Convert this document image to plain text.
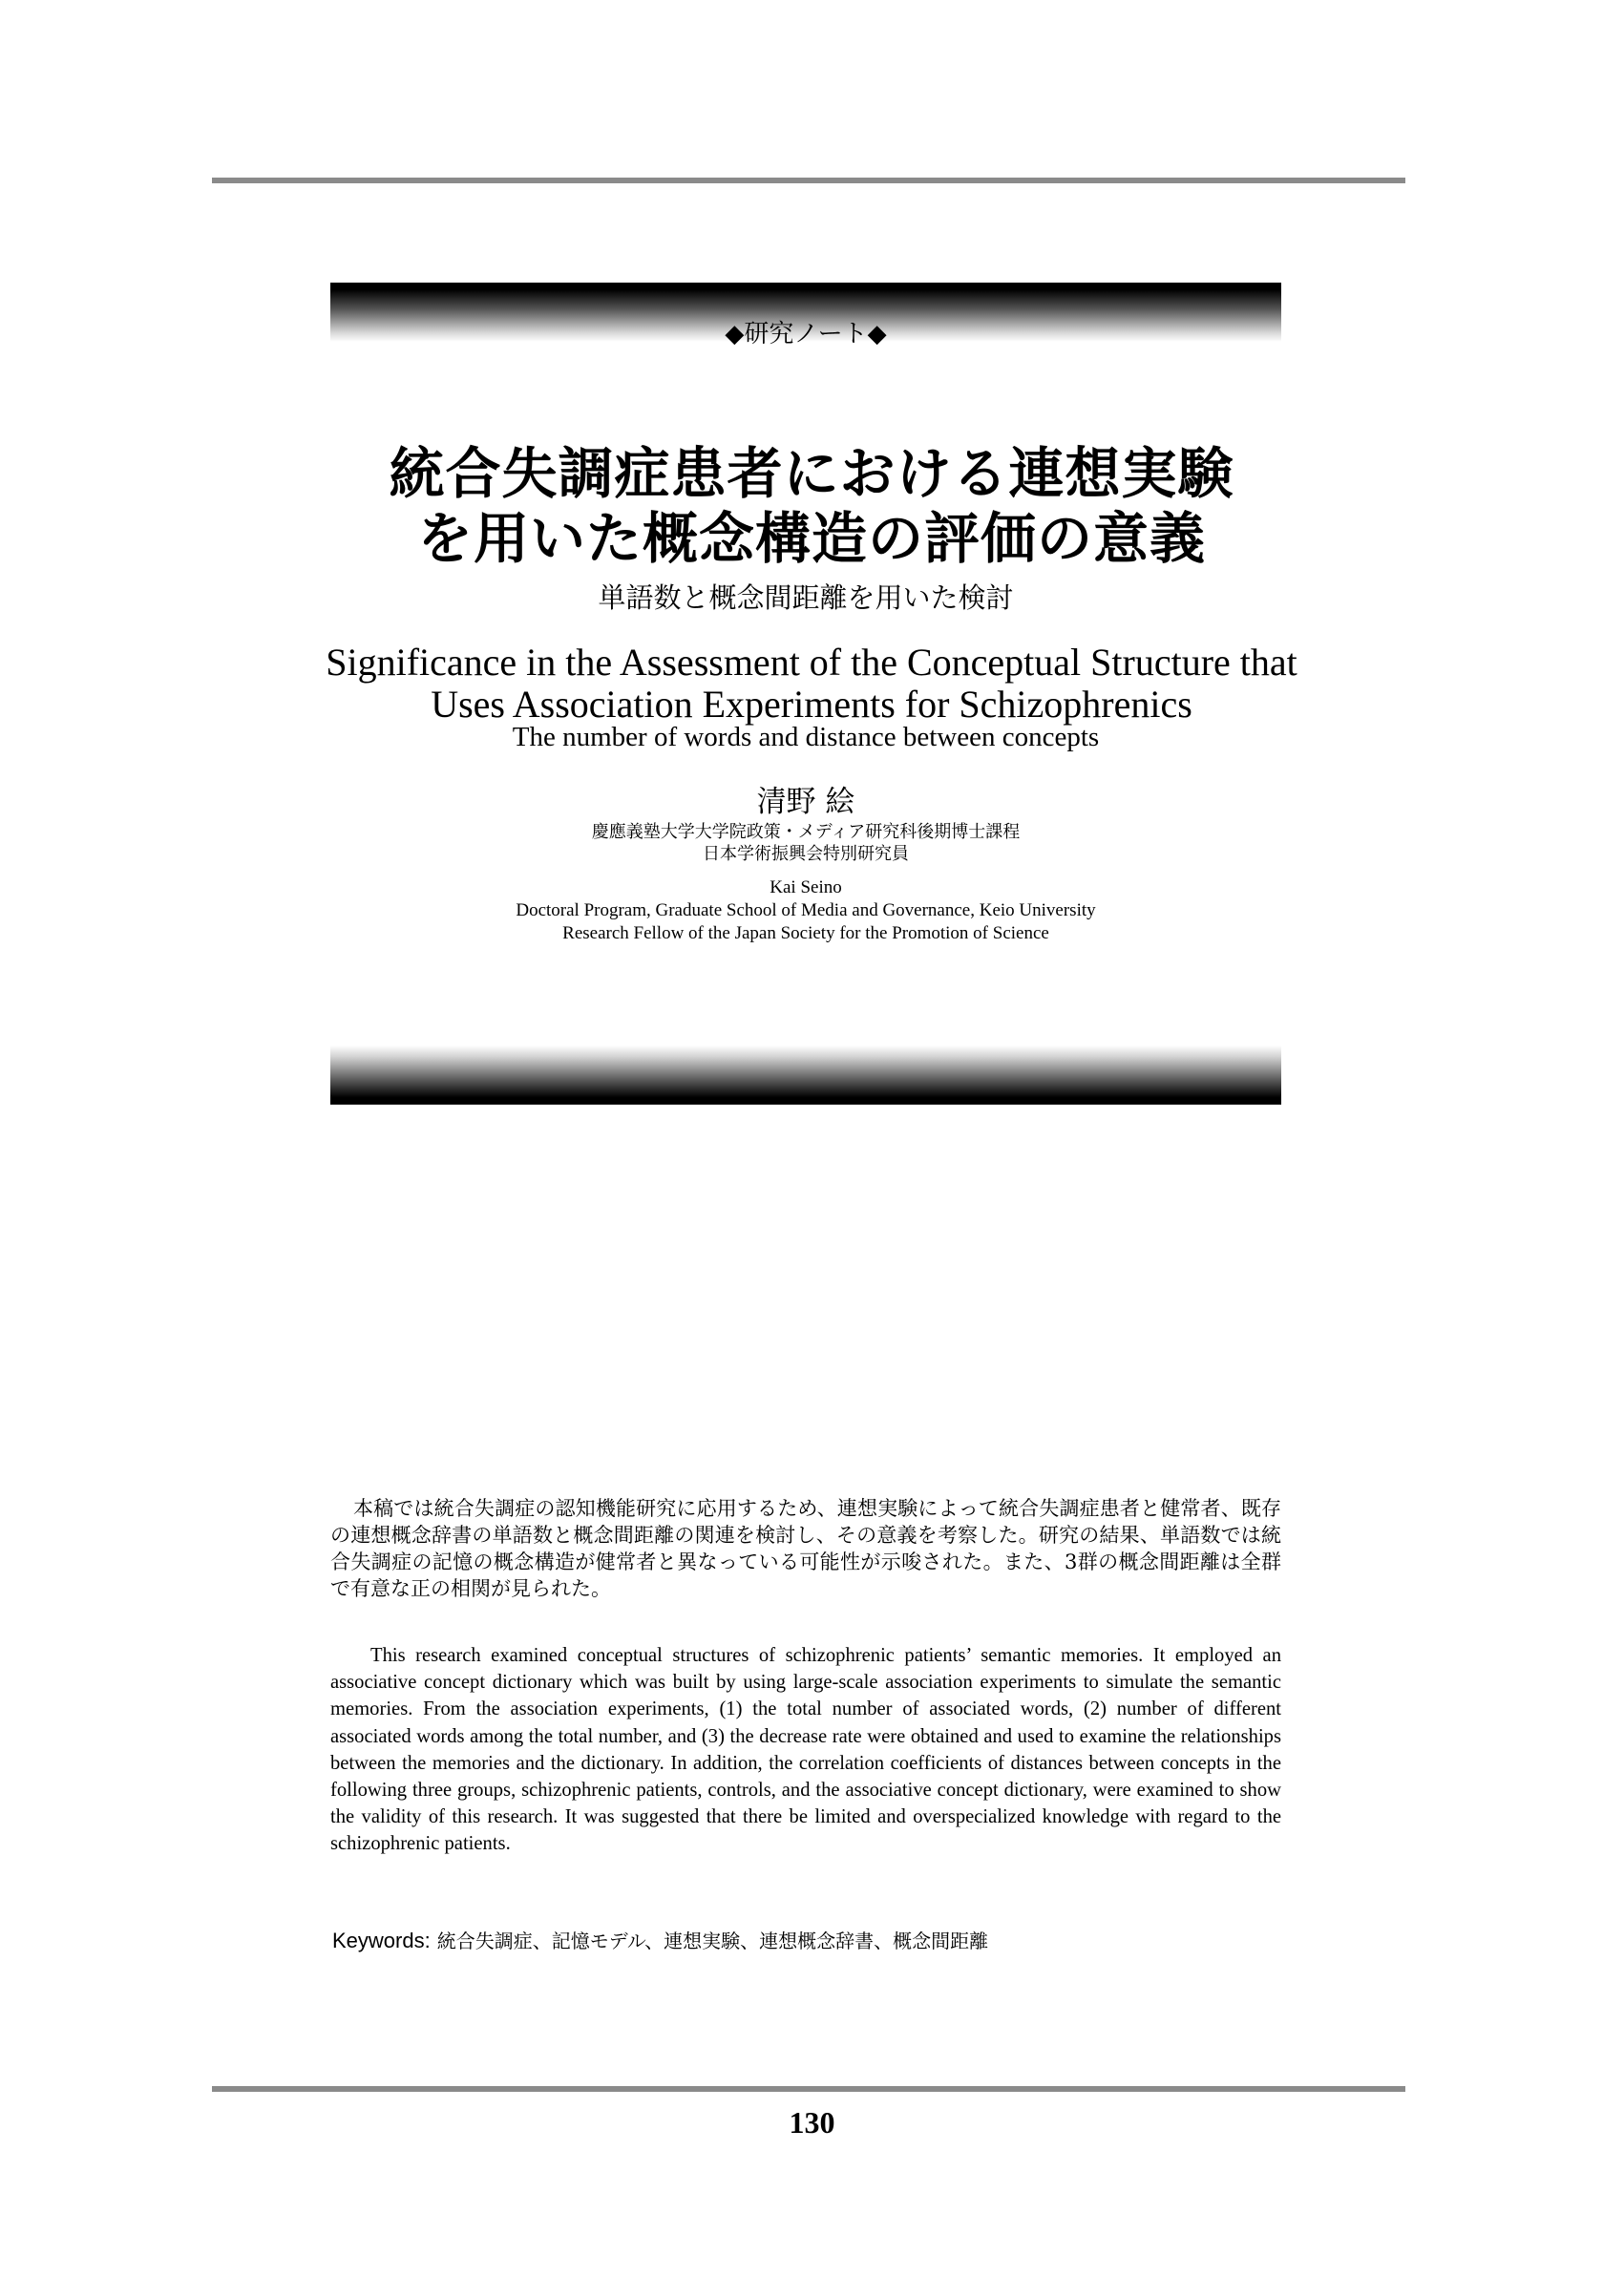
◆研究ノート◆
統合失調症患者における連想実験
を用いた概念構造の評価の意義
単語数と概念間距離を用いた検討
Significance in the Assessment of the Conceptual Structure that
Uses Association Experiments for Schizophrenics
The number of words and distance between concepts
清野 絵
慶應義塾大学大学院政策・メディア研究科後期博士課程
日本学術振興会特別研究員
Kai Seino
Doctoral Program, Graduate School of Media and Governance, Keio University
Research Fellow of the Japan Society for the Promotion of Science

本稿では統合失調症の認知機能研究に応用するため、連想実験によって統合失調症患者と健常者、既存の連想概念辞書の単語数と概念間距離の関連を検討し、その意義を考察した。研究の結果、単語数では統合失調症の記憶の概念構造が健常者と異なっている可能性が示唆された。また、3群の概念間距離は全群で有意な正の相関が見られた。

This research examined conceptual structures of schizophrenic patients’ semantic memories. It employed an associative concept dictionary which was built by using large-scale association experiments to simulate the semantic memories. From the association experiments, (1) the total number of associated words, (2) number of different associated words among the total number, and (3) the decrease rate were obtained and used to examine the relationships between the memories and the dictionary. In addition, the correlation coefficients of distances between concepts in the following three groups, schizophrenic patients, controls, and the associative concept dictionary, were examined to show the validity of this research. It was suggested that there be limited and overspecialized knowledge with regard to the schizophrenic patients.

Keywords: 統合失調症、記憶モデル、連想実験、連想概念辞書、概念間距離
130
